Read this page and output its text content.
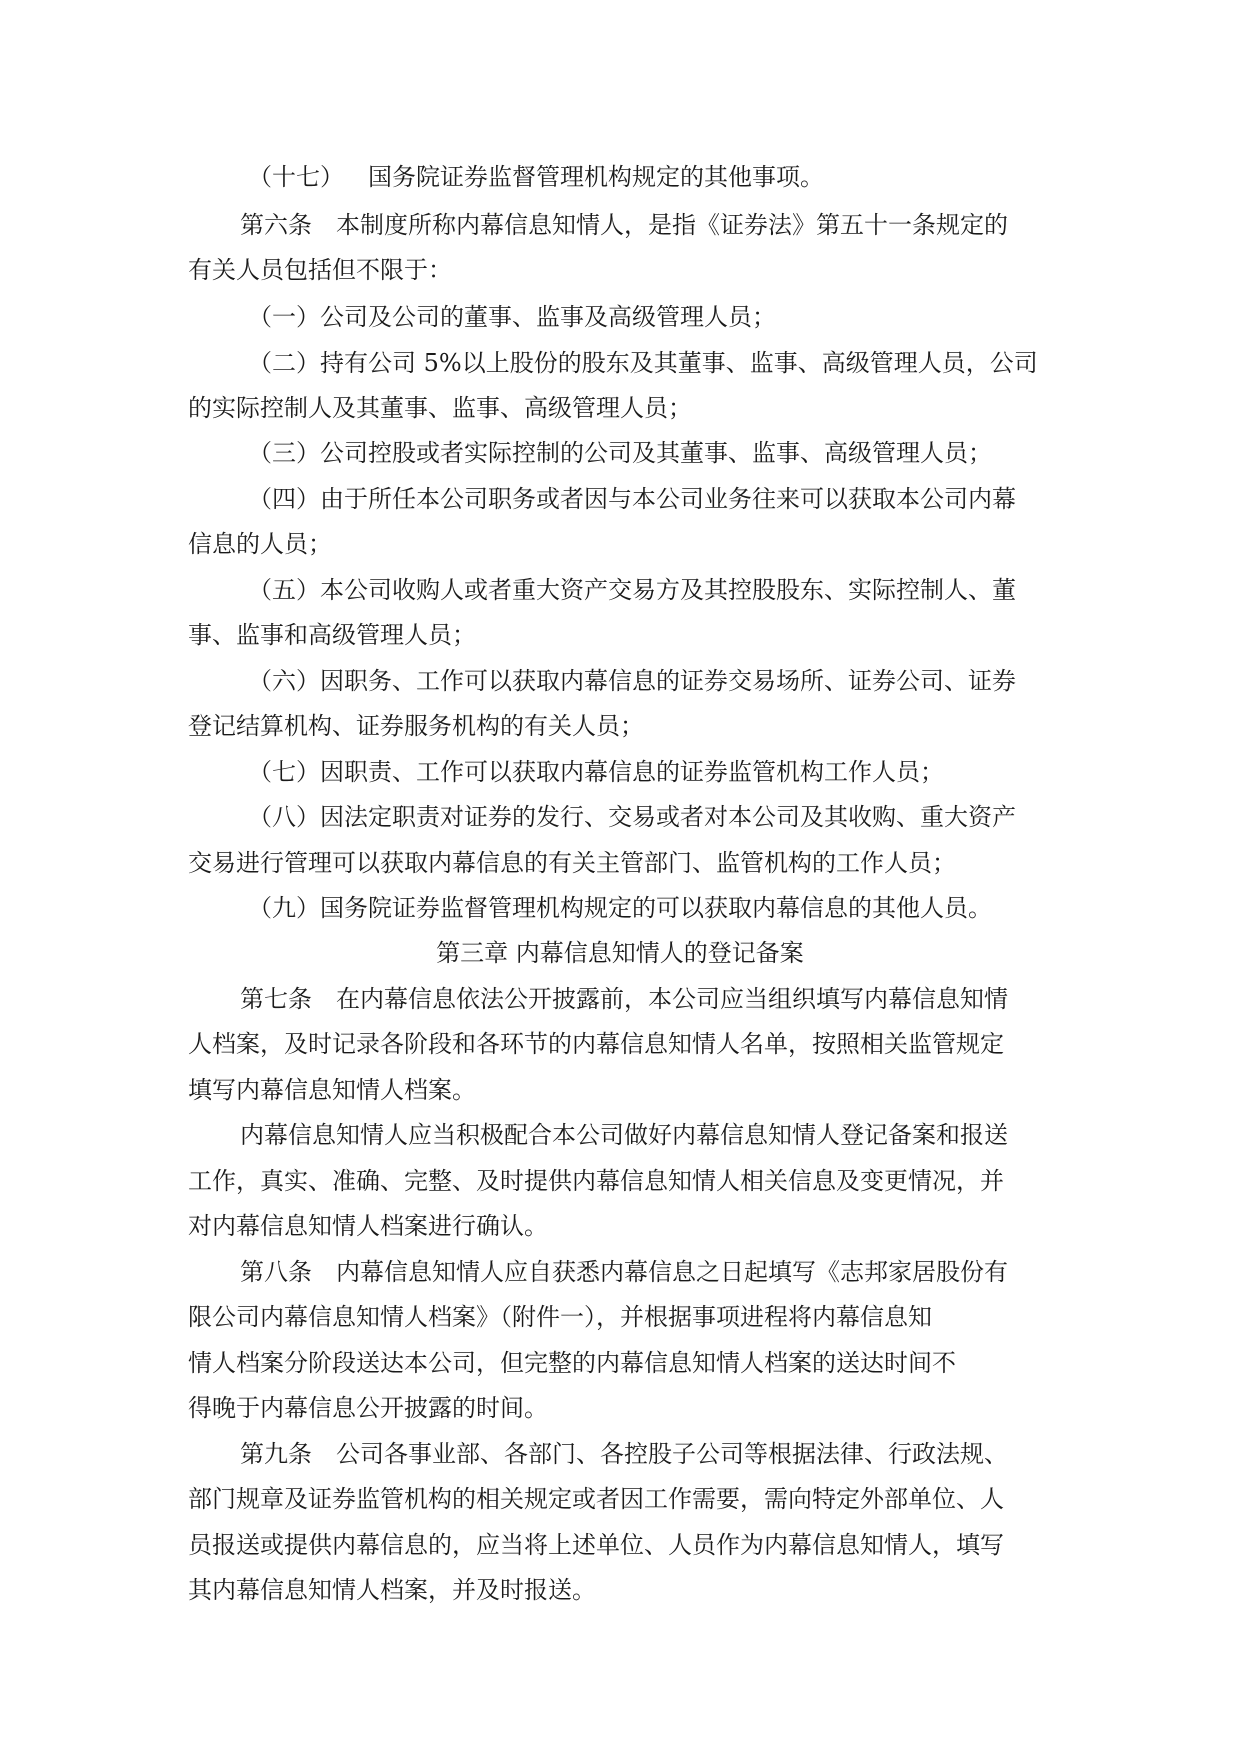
（十七） 国务院证券监督管理机构规定的其他事项。
第六条　本制度所称内幕信息知情人，是指《证券法》第五十一条规定的
有关人员包括但不限于：
（一）公司及公司的董事、监事及高级管理人员；
（二）持有公司 5%以上股份的股东及其董事、监事、高级管理人员，公司
的实际控制人及其董事、监事、高级管理人员；
（三）公司控股或者实际控制的公司及其董事、监事、高级管理人员；
（四）由于所任本公司职务或者因与本公司业务往来可以获取本公司内幕
信息的人员；
（五）本公司收购人或者重大资产交易方及其控股股东、实际控制人、董
事、监事和高级管理人员；
（六）因职务、工作可以获取内幕信息的证券交易场所、证券公司、证券
登记结算机构、证券服务机构的有关人员；
（七）因职责、工作可以获取内幕信息的证券监管机构工作人员；
（八）因法定职责对证券的发行、交易或者对本公司及其收购、重大资产
交易进行管理可以获取内幕信息的有关主管部门、监管机构的工作人员；
（九）国务院证券监督管理机构规定的可以获取内幕信息的其他人员。
第三章 内幕信息知情人的登记备案
第七条　在内幕信息依法公开披露前，本公司应当组织填写内幕信息知情
人档案，及时记录各阶段和各环节的内幕信息知情人名单，按照相关监管规定
填写内幕信息知情人档案。
内幕信息知情人应当积极配合本公司做好内幕信息知情人登记备案和报送
工作，真实、准确、完整、及时提供内幕信息知情人相关信息及变更情况，并
对内幕信息知情人档案进行确认。
第八条　内幕信息知情人应自获悉内幕信息之日起填写《志邦家居股份有
限公司内幕信息知情人档案》（附件一），并根据事项进程将内幕信息知
情人档案分阶段送达本公司，但完整的内幕信息知情人档案的送达时间不
得晚于内幕信息公开披露的时间。
第九条　公司各事业部、各部门、各控股子公司等根据法律、行政法规、
部门规章及证券监管机构的相关规定或者因工作需要，需向特定外部单位、人
员报送或提供内幕信息的，应当将上述单位、人员作为内幕信息知情人，填写
其内幕信息知情人档案，并及时报送。
